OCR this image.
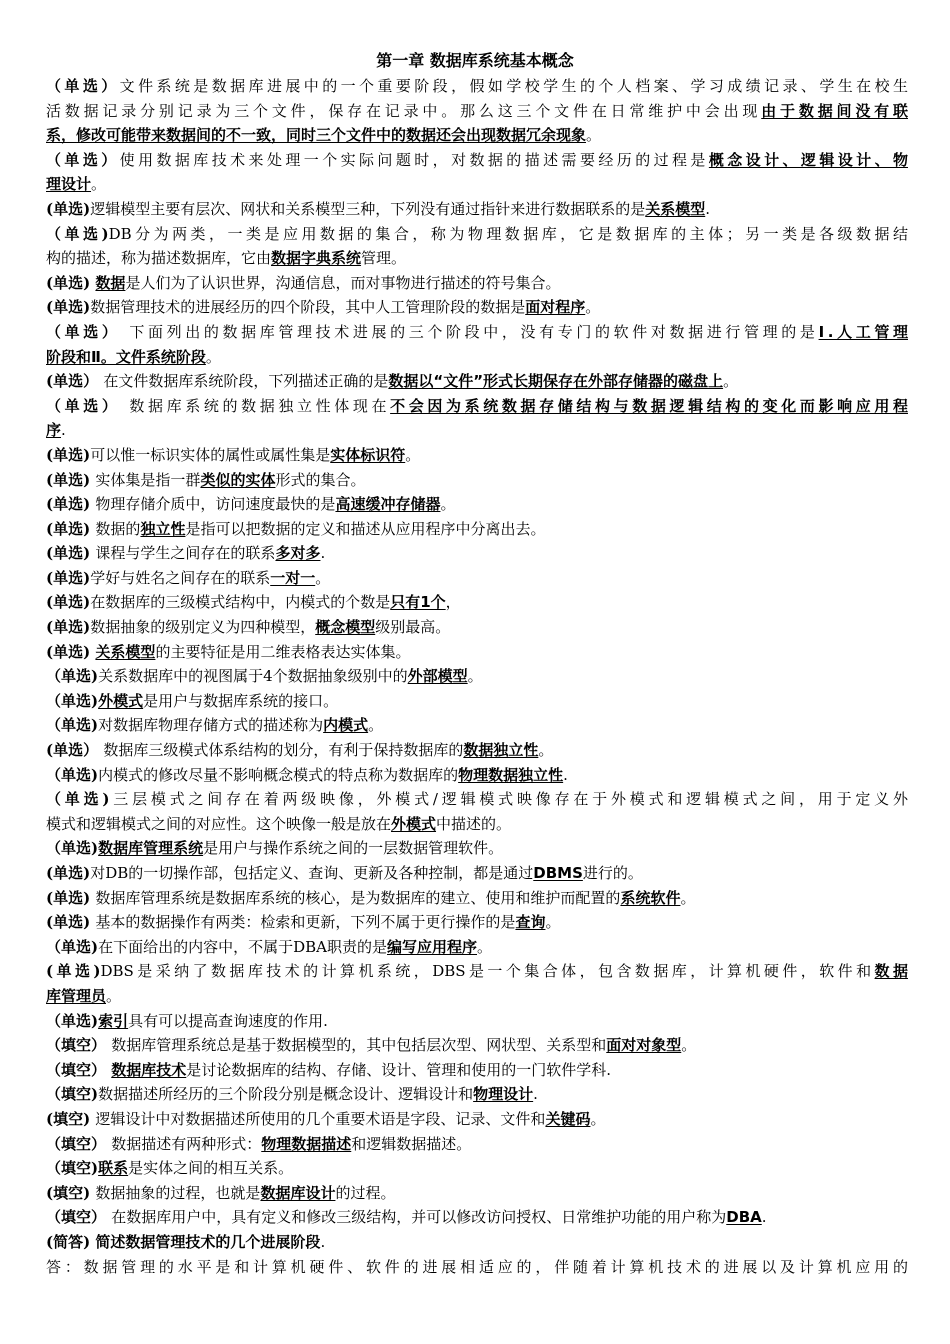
第一章 数据库系统基本概念
（单选）文件系统是数据库进展中的一个重要阶段，假如学校学生的个人档案、学习成绩记录、学生在校生
活数据记录分别记录为三个文件，保存在记录中。那么这三个文件在日常维护中会出现由于数据间没有联
系，修改可能带来数据间的不一致，同时三个文件中的数据还会出现数据冗余现象。
（单选）使用数据库技术来处理一个实际问题时，对数据的描述需要经历的过程是概念设计、逻辑设计、物
理设计。
(单选)逻辑模型主要有层次、网状和关系模型三种，下列没有通过指针来进行数据联系的是关系模型.
（单选)DB分为两类，一类是应用数据的集合，称为物理数据库，它是数据库的主体；另一类是各级数据结
构的描述，称为描述数据库，它由数据字典系统管理。
(单选) 数据是人们为了认识世界，沟通信息，而对事物进行描述的符号集合。
(单选)数据管理技术的进展经历的四个阶段，其中人工管理阶段的数据是面对程序。
（单选） 下面列出的数据库管理技术进展的三个阶段中，没有专门的软件对数据进行管理的是Ⅰ.人工管理
阶段和Ⅱ。文件系统阶段。
(单选） 在文件数据库系统阶段，下列描述正确的是数据以“文件”形式长期保存在外部存储器的磁盘上。
（单选） 数据库系统的数据独立性体现在不会因为系统数据存储结构与数据逻辑结构的变化而影响应用程
序.
(单选)可以惟一标识实体的属性或属性集是实体标识符。
(单选) 实体集是指一群类似的实体形式的集合。
(单选) 物理存储介质中，访问速度最快的是高速缓冲存储器。
(单选) 数据的独立性是指可以把数据的定义和描述从应用程序中分离出去。
(单选) 课程与学生之间存在的联系多对多.
(单选)学好与姓名之间存在的联系一对一。
(单选)在数据库的三级模式结构中，内模式的个数是只有1个，
(单选)数据抽象的级别定义为四种模型，概念模型级别最高。
(单选) 关系模型的主要特征是用二维表格表达实体集。
（单选)关系数据库中的视图属于4个数据抽象级别中的外部模型。
（单选)外模式是用户与数据库系统的接口。
（单选)对数据库物理存储方式的描述称为内模式。
(单选） 数据库三级模式体系结构的划分，有利于保持数据库的数据独立性。
（单选)内模式的修改尽量不影响概念模式的特点称为数据库的物理数据独立性.
（单选)三层模式之间存在着两级映像，外模式/逻辑模式映像存在于外模式和逻辑模式之间，用于定义外
模式和逻辑模式之间的对应性。这个映像一般是放在外模式中描述的。
（单选)数据库管理系统是用户与操作系统之间的一层数据管理软件。
(单选)对DB的一切操作部，包括定义、查询、更新及各种控制，都是通过DBMS进行的。
(单选) 数据库管理系统是数据库系统的核心，是为数据库的建立、使用和维护而配置的系统软件。
(单选) 基本的数据操作有两类：检索和更新，下列不属于更行操作的是查询。
（单选)在下面给出的内容中，不属于DBA职责的是编写应用程序。
(单选)DBS是采纳了数据库技术的计算机系统，DBS是一个集合体，包含数据库，计算机硬件，软件和数据
库管理员。
（单选)索引具有可以提高查询速度的作用.
（填空） 数据库管理系统总是基于数据模型的，其中包括层次型、网状型、关系型和面对对象型。
（填空） 数据库技术是讨论数据库的结构、存储、设计、管理和使用的一门软件学科.
（填空)数据描述所经历的三个阶段分别是概念设计、逻辑设计和物理设计.
(填空) 逻辑设计中对数据描述所使用的几个重要术语是字段、记录、文件和关键码。
（填空） 数据描述有两种形式：物理数据描述和逻辑数据描述。
（填空)联系是实体之间的相互关系。
(填空) 数据抽象的过程，也就是数据库设计的过程。
（填空） 在数据库用户中，具有定义和修改三级结构，并可以修改访问授权、日常维护功能的用户称为DBA.
(简答) 简述数据管理技术的几个进展阶段.
答：数据管理的水平是和计算机硬件、软件的进展相适应的，伴随着计算机技术的进展以及计算机应用的
